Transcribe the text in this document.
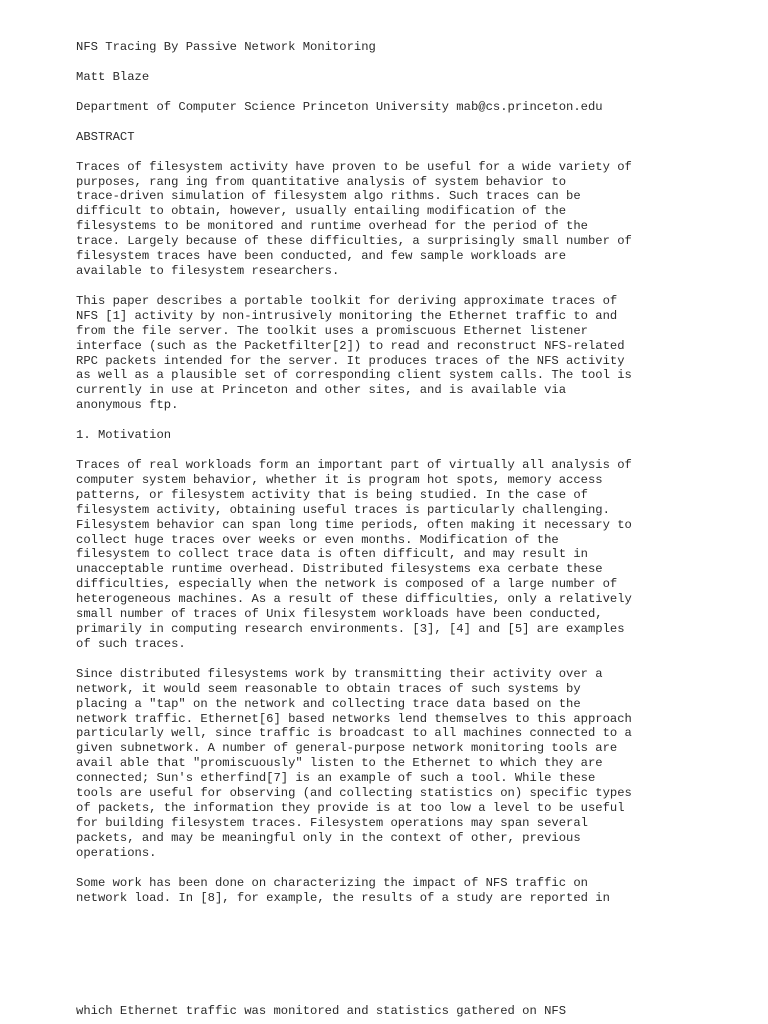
NFS Tracing By Passive Network Monitoring

Matt Blaze

Department of Computer Science Princeton University mab@cs.princeton.edu

ABSTRACT

Traces of filesystem activity have proven to be useful for a wide variety of
purposes, rang ing from quantitative analysis of system behavior to
trace-driven simulation of filesystem algo rithms. Such traces can be
difficult to obtain, however, usually entailing modification of the
filesystems to be monitored and runtime overhead for the period of the
trace. Largely because of these difficulties, a surprisingly small number of
filesystem traces have been conducted, and few sample workloads are
available to filesystem researchers.

This paper describes a portable toolkit for deriving approximate traces of
NFS [1] activity by non-intrusively monitoring the Ethernet traffic to and
from the file server. The toolkit uses a promiscuous Ethernet listener
interface (such as the Packetfilter[2]) to read and reconstruct NFS-related
RPC packets intended for the server. It produces traces of the NFS activity
as well as a plausible set of corresponding client system calls. The tool is
currently in use at Princeton and other sites, and is available via
anonymous ftp.

1. Motivation

Traces of real workloads form an important part of virtually all analysis of
computer system behavior, whether it is program hot spots, memory access
patterns, or filesystem activity that is being studied. In the case of
filesystem activity, obtaining useful traces is particularly challenging.
Filesystem behavior can span long time periods, often making it necessary to
collect huge traces over weeks or even months. Modification of the
filesystem to collect trace data is often difficult, and may result in
unacceptable runtime overhead. Distributed filesystems exa cerbate these
difficulties, especially when the network is composed of a large number of
heterogeneous machines. As a result of these difficulties, only a relatively
small number of traces of Unix filesystem workloads have been conducted,
primarily in computing research environments. [3], [4] and [5] are examples
of such traces.

Since distributed filesystems work by transmitting their activity over a
network, it would seem reasonable to obtain traces of such systems by
placing a "tap" on the network and collecting trace data based on the
network traffic. Ethernet[6] based networks lend themselves to this approach
particularly well, since traffic is broadcast to all machines connected to a
given subnetwork. A number of general-purpose network monitoring tools are
avail able that "promiscuously" listen to the Ethernet to which they are
connected; Sun's etherfind[7] is an example of such a tool. While these
tools are useful for observing (and collecting statistics on) specific types
of packets, the information they provide is at too low a level to be useful
for building filesystem traces. Filesystem operations may span several
packets, and may be meaningful only in the context of other, previous
operations.

Some work has been done on characterizing the impact of NFS traffic on
network load. In [8], for example, the results of a study are reported in

which Ethernet traffic was monitored and statistics gathered on NFS
